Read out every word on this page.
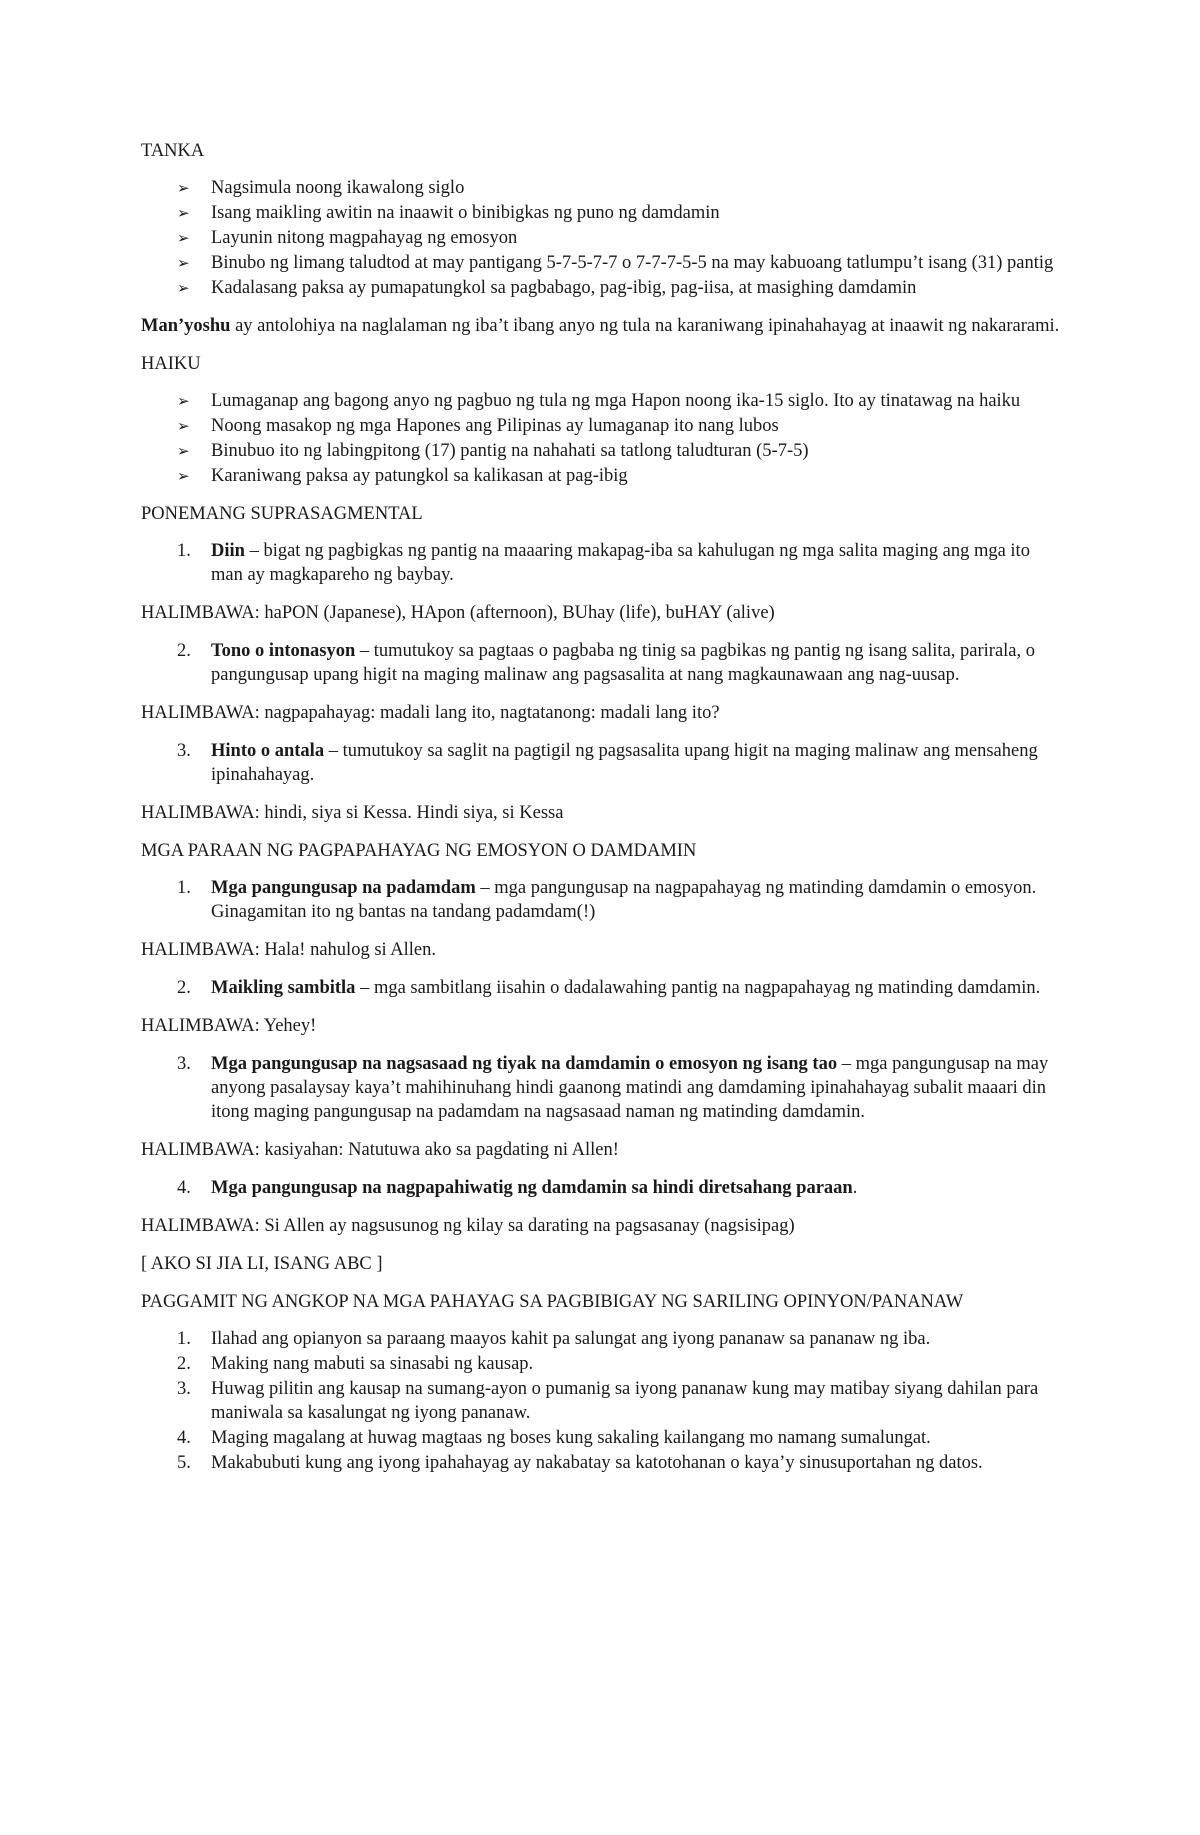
TANKA

➢ Nagsimula noong ikawalong siglo
➢ Isang maikling awitin na inaawit o binibigkas ng puno ng damdamin
➢ Layunin nitong magpahayag ng emosyon
➢ Binubo ng limang taludtod at may pantigang 5-7-5-7-7 o 7-7-7-5-5 na may kabuoang tatlumpu’t isang (31) pantig
➢ Kadalasang paksa ay pumapatungkol sa pagbabago, pag-ibig, pag-iisa, at masighing damdamin

Man’yoshu ay antolohiya na naglalaman ng iba’t ibang anyo ng tula na karaniwang ipinahahayag at inaawit ng nakararami.

HAIKU

➢ Lumaganap ang bagong anyo ng pagbuo ng tula ng mga Hapon noong ika-15 siglo. Ito ay tinatawag na haiku
➢ Noong masakop ng mga Hapones ang Pilipinas ay lumaganap ito nang lubos
➢ Binubuo ito ng labingpitong (17) pantig na nahahati sa tatlong taludturan (5-7-5)
➢ Karaniwang paksa ay patungkol sa kalikasan at pag-ibig

PONEMANG SUPRASAGMENTAL

1. Diin – bigat ng pagbigkas ng pantig na maaaring makapag-iba sa kahulugan ng mga salita maging ang mga ito man ay magkapareho ng baybay.

HALIMBAWA: haPON (Japanese), HApon (afternoon), BUhay (life), buHAY (alive)

2. Tono o intonasyon – tumutukoy sa pagtaas o pagbaba ng tinig sa pagbikas ng pantig ng isang salita, parirala, o pangungusap upang higit na maging malinaw ang pagsasalita at nang magkaunawaan ang nag-uusap.

HALIMBAWA: nagpapahayag: madali lang ito, nagtatanong: madali lang ito?

3. Hinto o antala – tumutukoy sa saglit na pagtigil ng pagsasalita upang higit na maging malinaw ang mensaheng ipinahahayag.

HALIMBAWA: hindi, siya si Kessa. Hindi siya, si Kessa

MGA PARAAN NG PAGPAPAHAYAG NG EMOSYON O DAMDAMIN

1. Mga pangungusap na padamdam – mga pangungusap na nagpapahayag ng matinding damdamin o emosyon. Ginagamitan ito ng bantas na tandang padamdam(!)

HALIMBAWA: Hala! nahulog si Allen.

2. Maikling sambitla – mga sambitlang iisahin o dadalawahing pantig na nagpapahayag ng matinding damdamin.

HALIMBAWA: Yehey!

3. Mga pangungusap na nagsasaad ng tiyak na damdamin o emosyon ng isang tao – mga pangungusap na may anyong pasalaysay kaya’t mahihinuhang hindi gaanong matindi ang damdaming ipinahahayag subalit maaari din itong maging pangungusap na padamdam na nagsasaad naman ng matinding damdamin.

HALIMBAWA: kasiyahan: Natutuwa ako sa pagdating ni Allen!

4. Mga pangungusap na nagpapahiwatig ng damdamin sa hindi diretsahang paraan.

HALIMBAWA: Si Allen ay nagsusunog ng kilay sa darating na pagsasanay (nagsisipag)

[ AKO SI JIA LI, ISANG ABC ]

PAGGAMIT NG ANGKOP NA MGA PAHAYAG SA PAGBIBIGAY NG SARILING OPINYON/PANANAW

1. Ilahad ang opianyon sa paraang maayos kahit pa salungat ang iyong pananaw sa pananaw ng iba.
2. Making nang mabuti sa sinasabi ng kausap.
3. Huwag pilitin ang kausap na sumang-ayon o pumanig sa iyong pananaw kung may matibay siyang dahilan para maniwala sa kasalungat ng iyong pananaw.
4. Maging magalang at huwag magtaas ng boses kung sakaling kailangang mo namang sumalungat.
5. Makabubuti kung ang iyong ipahahayag ay nakabatay sa katotohanan o kaya’y sinusuportahan ng datos.
